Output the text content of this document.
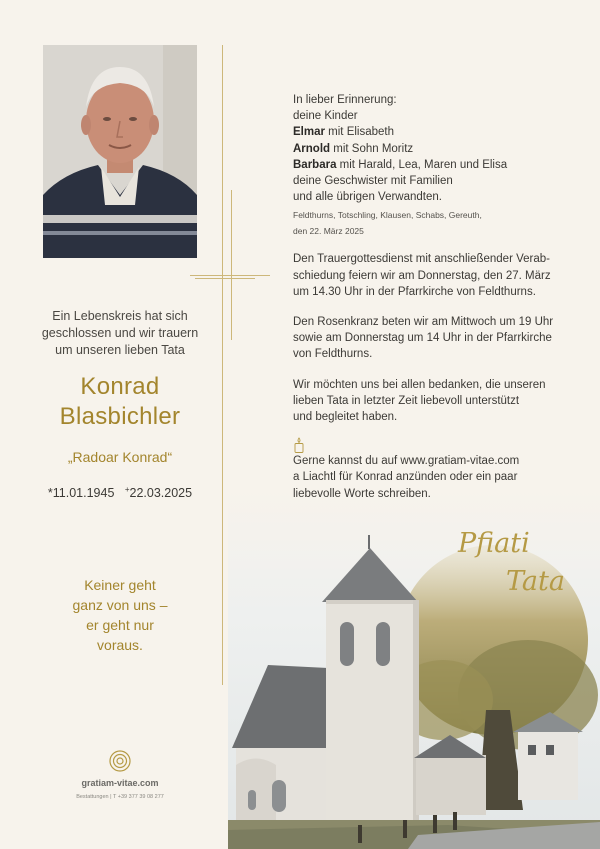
Ein Lebenskreis hat sich
geschlossen und wir trauern
um unseren lieben Tata
Konrad
Blasbichler
„Radoar Konrad“
*11.01.1945 +22.03.2025
Keiner geht
ganz von uns –
er geht nur
voraus.
gratiam-vitae.com
Bestattungen | T +39 377 39 08 277
Pfiati
Tata

In lieber Erinnerung:

deine Kinder

Elmar mit Elisabeth

Arnold mit Sohn Moritz

Barbara mit Harald, Lea, Maren und Elisa

deine Geschwister mit Familien

und alle übrigen Verwandten.

Feldthurns, Totschling, Klausen, Schabs, Gereuth,

den 22. März 2025

Den Trauergottesdienst mit anschließender Verab-

schiedung feiern wir am Donnerstag, den 27. März

um 14.30 Uhr in der Pfarrkirche von Feldthurns.

Den Rosenkranz beten wir am Mittwoch um 19 Uhr

sowie am Donnerstag um 14 Uhr in der Pfarrkirche

von Feldthurns.

Wir möchten uns bei allen bedanken, die unseren

lieben Tata in letzter Zeit liebevoll unterstützt

und begleitet haben.

Gerne kannst du auf www.gratiam-vitae.com

a Liachtl für Konrad anzünden oder ein paar

liebevolle Worte schreiben.
